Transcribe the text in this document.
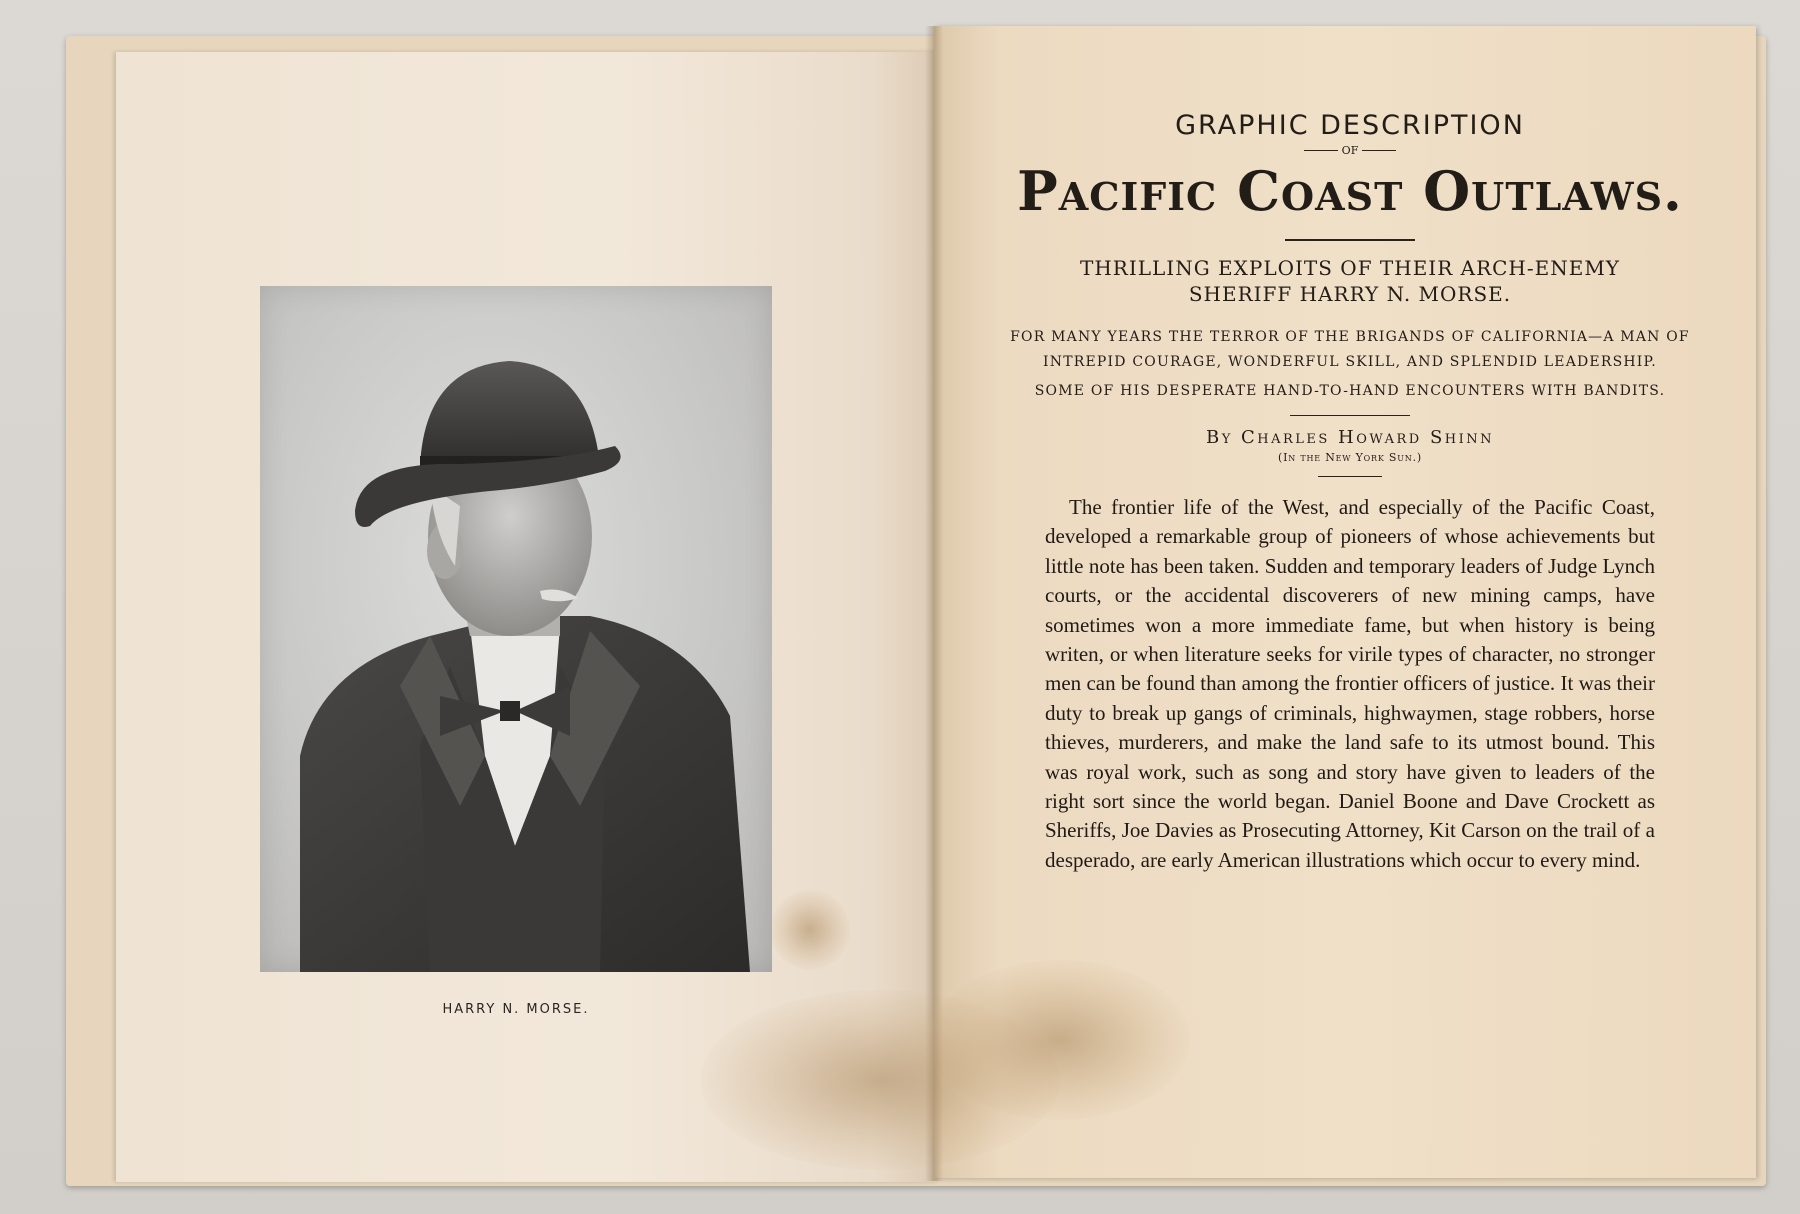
HARRY N. MORSE.

GRAPHIC DESCRIPTION

OF

Pacific Coast Outlaws.

THRILLING EXPLOITS OF THEIR ARCH-ENEMY

SHERIFF HARRY N. MORSE.

FOR MANY YEARS THE TERROR OF THE BRIGANDS OF CALIFORNIA—A MAN OF INTREPID COURAGE, WONDERFUL SKILL, AND SPLENDID LEADERSHIP.

SOME OF HIS DESPERATE HAND-TO-HAND ENCOUNTERS WITH BANDITS.

By Charles Howard Shinn

(In the New York Sun.)

The frontier life of the West, and especially of the Pacific Coast, developed a remarkable group of pioneers of whose achievements but little note has been taken. Sudden and temporary leaders of Judge Lynch courts, or the accidental discoverers of new mining camps, have sometimes won a more immediate fame, but when history is being writen, or when literature seeks for virile types of character, no stronger men can be found than among the frontier officers of justice. It was their duty to break up gangs of criminals, highwaymen, stage robbers, horse thieves, murderers, and make the land safe to its utmost bound. This was royal work, such as song and story have given to leaders of the right sort since the world began. Daniel Boone and Dave Crockett as Sheriffs, Joe Davies as Prosecuting Attorney, Kit Carson on the trail of a desperado, are early American illustrations which occur to every mind.
